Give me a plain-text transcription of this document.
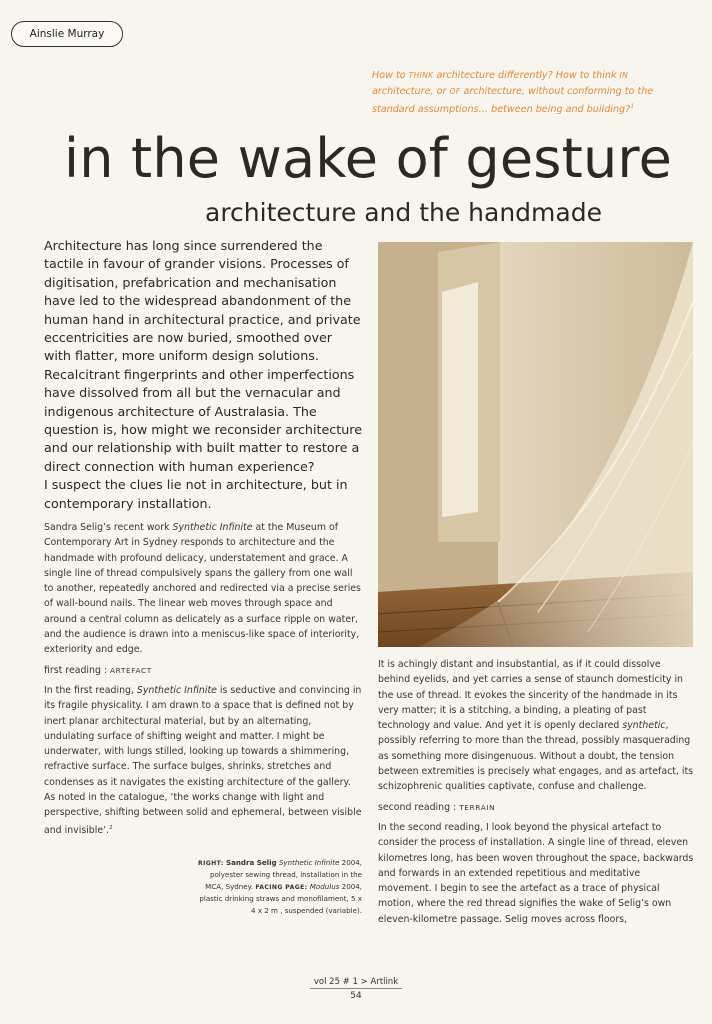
Ainslie Murray
How to THINK architecture differently? How to think IN architecture, or OF architecture, without conforming to the standard assumptions… between being and building?$^1$
in the wake of gesture
architecture and the handmade

Architecture has long since surrendered the tactile in favour of grander visions. Processes of digitisation, prefabrication and mechanisation have led to the widespread abandonment of the human hand in architectural practice, and private eccentricities are now buried, smoothed over with flatter, more uniform design solutions. Recalcitrant fingerprints and other imperfections have dissolved from all but the vernacular and indigenous architecture of Australasia. The question is, how might we reconsider architecture and our relationship with built matter to restore a direct connection with human experience?

I suspect the clues lie not in architecture, but in contemporary installation.

Sandra Selig’s recent work Synthetic Infinite at the Museum of Contemporary Art in Sydney responds to architecture and the handmade with profound delicacy, understatement and grace. A single line of thread compulsively spans the gallery from one wall to another, repeatedly anchored and redirected via a precise series of wall-bound nails. The linear web moves through space and around a central column as delicately as a surface ripple on water, and the audience is drawn into a meniscus-like space of interiority, exteriority and edge.

first reading : ARTEFACT

In the first reading, Synthetic Infinite is seductive and convincing in its fragile physicality. I am drawn to a space that is defined not by inert planar architectural material, but by an alternating, undulating surface of shifting weight and matter. I might be underwater, with lungs stilled, looking up towards a shimmering, refractive surface. The surface bulges, shrinks, stretches and condenses as it navigates the existing architecture of the gallery. As noted in the catalogue, ‘the works change with light and perspective, shifting between solid and ephemeral, between visible and invisible’.$^2$

RIGHT: Sandra Selig Synthetic Infinite 2004, polyester sewing thread, installation in the MCA, Sydney. FACING PAGE: Modulus 2004, plastic drinking straws and monofilament, 5 x 4 x 2 m , suspended (variable).

It is achingly distant and insubstantial, as if it could dissolve behind eyelids, and yet carries a sense of staunch domesticity in the use of thread. It evokes the sincerity of the handmade in its very matter; it is a stitching, a binding, a pleating of past technology and value. And yet it is openly declared synthetic, possibly referring to more than the thread, possibly masquerading as something more disingenuous. Without a doubt, the tension between extremities is precisely what engages, and as artefact, its schizophrenic qualities captivate, confuse and challenge.

second reading : TERRAIN

In the second reading, I look beyond the physical artefact to consider the process of installation. A single line of thread, eleven kilometres long, has been woven throughout the space, backwards and forwards in an extended repetitious and meditative movement. I begin to see the artefact as a trace of physical motion, where the red thread signifies the wake of Selig’s own eleven-kilometre passage. Selig moves across floors,

vol 25 # 1 > Artlink
54
